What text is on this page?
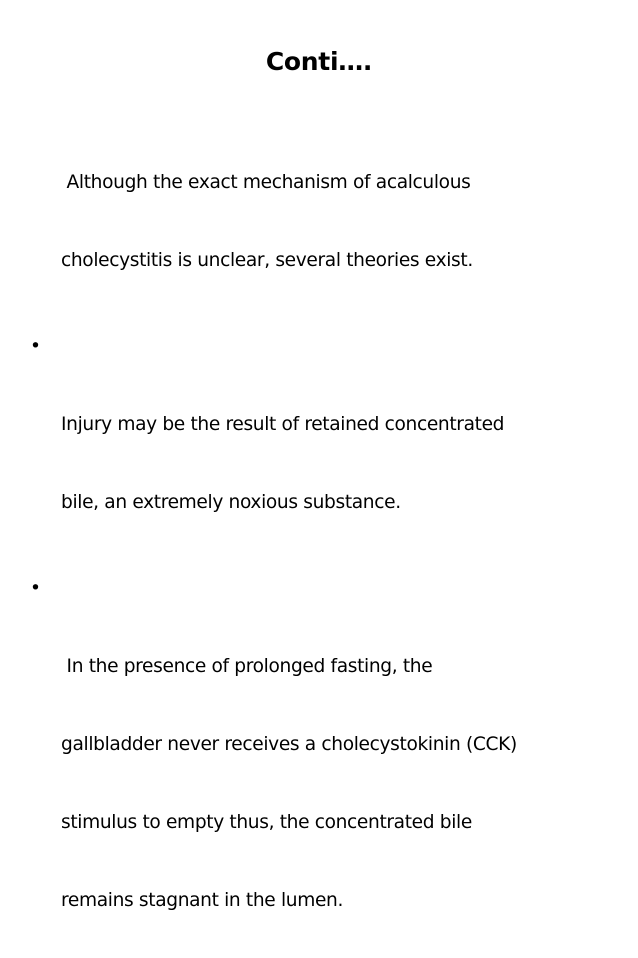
Conti….

Although the exact mechanism of acalculous

cholecystitis is unclear, several theories exist.

•

Injury may be the result of retained concentrated

bile, an extremely noxious substance.

•

In the presence of prolonged fasting, the

gallbladder never receives a cholecystokinin (CCK)

stimulus to empty thus, the concentrated bile

remains stagnant in the lumen.
